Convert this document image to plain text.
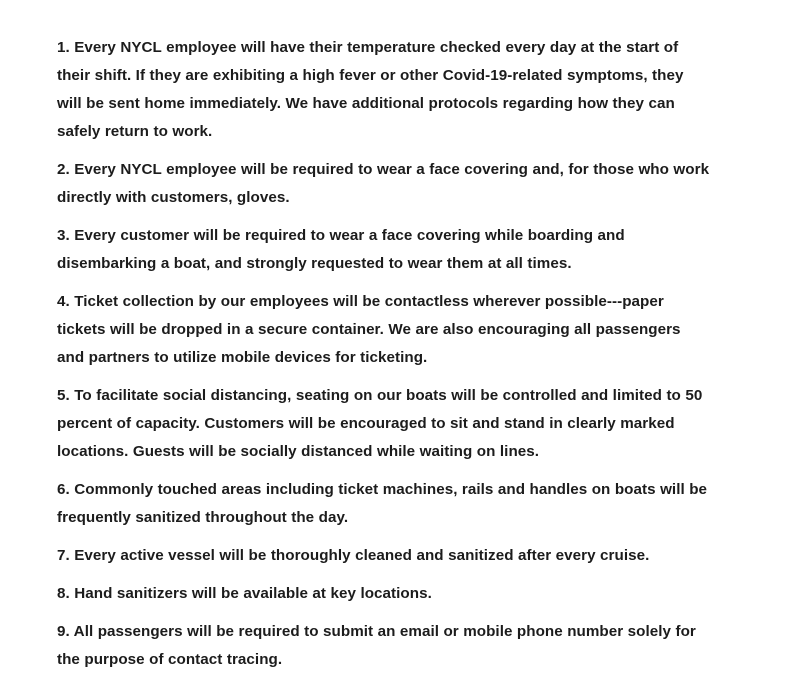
1. Every NYCL employee will have their temperature checked every day at the start of their shift. If they are exhibiting a high fever or other Covid-19-related symptoms, they will be sent home immediately. We have additional protocols regarding how they can safely return to work.

2. Every NYCL employee will be required to wear a face covering and, for those who work directly with customers, gloves.

3. Every customer will be required to wear a face covering while boarding and disembarking a boat, and strongly requested to wear them at all times.

4. Ticket collection by our employees will be contactless wherever possible---paper tickets will be dropped in a secure container. We are also encouraging all passengers and partners to utilize mobile devices for ticketing.

5. To facilitate social distancing, seating on our boats will be controlled and limited to 50 percent of capacity. Customers will be encouraged to sit and stand in clearly marked locations. Guests will be socially distanced while waiting on lines.

6. Commonly touched areas including ticket machines, rails and handles on boats will be frequently sanitized throughout the day.

7. Every active vessel will be thoroughly cleaned and sanitized after every cruise.

8. Hand sanitizers will be available at key locations.

9. All passengers will be required to submit an email or mobile phone number solely for the purpose of contact tracing.
